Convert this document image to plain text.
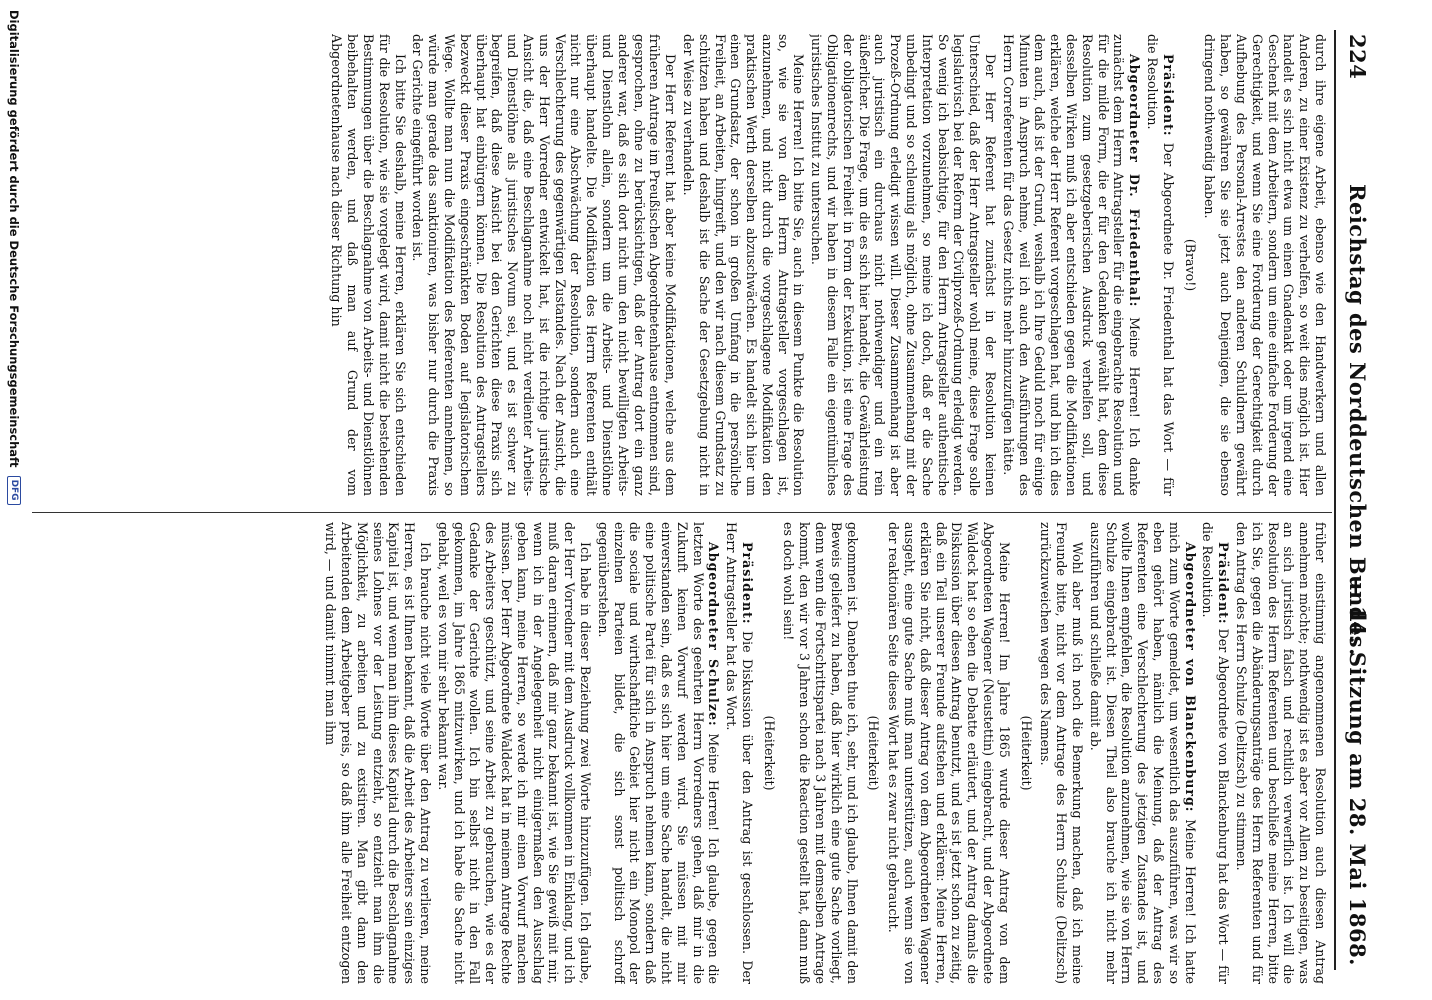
224
Reichstag des Norddeutschen Bundes.
— 14. Sitzung am 28. Mai 1868.

durch ihre eigene Arbeit, ebenso wie den Handwerkern und allen Anderen, zu einer Existenz zu verhelfen, so weit dies möglich ist. Hier handelt es sich nicht etwa um einen Gnadenakt oder um irgend eine Geschenk mit dem Arbeitern, sondern um eine einfache Forderung der Gerechtigkeit, und wenn Sie eine Forderung der Gerechtigkeit durch Aufhebung des Personal-Arrestes den anderen Schuldnern gewährt haben, so gewähren Sie sie jetzt auch Denjenigen, die sie ebenso dringend nothwendig haben.

(Bravo!)

Präsident: Der Abgeordnete Dr. Friedenthal hat das Wort — für die Resolution.

Abgeordneter Dr. Friedenthal: Meine Herren! Ich danke zunächst dem Herrn Antragsteller für die eingebrachte Resolution und für die milde Form, die er für den Gedanken gewählt hat, dem diese Resolution zum gesetzgeberischen Ausdruck verhelfen soll, und desselben Wirken muß ich aber entschieden gegen die Modifikationen erklären, welche der Herr Referent vorgeschlagen hat, und bin ich dies dem auch, daß ist der Grund, weshalb ich Ihre Geduld noch für einige Minuten in Anspruch nehme, weil ich auch den Ausführungen des Herrn Correferenten für das Gesetz nichts mehr hinzuzufügen hätte.

Der Herr Referent hat zunächst in der Resolution keinen Unterschied, daß der Herr Antragsteller wohl meine, diese Frage solle legislativisch bei der Reform der Civilprozeß-Ordnung erledigt werden. So wenig ich beabsichtige, für den Herrn Antragsteller authentische Interpretation vorzunehmen, so meine ich doch, daß er die Sache unbedingt und so schleunig als möglich, ohne Zusammenhang mit der Prozeß-Ordnung erledigt wissen will. Dieser Zusammenhang ist aber auch juristisch ein durchaus nicht nothwendiger und ein rein äußerlicher. Die Frage, um die es sich hier handelt, die Gewährleistung der obligatorischen Freiheit in Form der Exekution, ist eine Frage des Obligationenrechts, und wir haben in diesem Falle ein eigentümliches juristisches Institut zu untersuchen.

Meine Herren! Ich bitte Sie, auch in diesem Punkte die Resolution so, wie sie von dem Herrn Antragsteller vorgeschlagen ist, anzunehmen, und nicht durch die vorgeschlagene Modifikation den praktischen Werth derselben abzuschwächen. Es handelt sich hier um einen Grundsatz, der schon in großen Umfang in die persönliche Freiheit, an Arbeiten, hingreift, und den wir nach diesem Grundsatz zu schützen haben und deshalb ist die Sache der Gesetzgebung nicht in der Weise zu verhandeln.

Der Herr Referent hat aber keine Modifikationen, welche aus dem früheren Antrage im Preußischen Abgeordnetenhause entnommen sind, gesprochen, ohne zu berücksichtigen, daß der Antrag dort ein ganz anderer war, daß es sich dort nicht um den nicht bewilligten Arbeits- und Dienstlohn allein, sondern um die Arbeits- und Dienstlöhne überhaupt handelte. Die Modifikation des Herrn Referenten enthält nicht nur eine Abschwächung der Resolution, sondern auch eine Verschlechterung des gegenwärtigen Zustandes. Nach der Ansicht, die uns der Herr Vorredner entwickelt hat, ist die richtige juristische Ansicht die, daß eine Beschlagnahme noch nicht verdienter Arbeits- und Dienstlöhne als juristisches Novum sei, und es ist schwer zu begreifen, daß diese Ansicht bei den Gerichten diese Praxis sich überhaupt hat einbürgern können. Die Resolution des Antragstellers bezweckt dieser Praxis eingeschränkten Boden auf legislatorischem Wege. Wollte man nun die Modifikation des Referenten annehmen, so würde man gerade das sanktioniren, was bisher nur durch die Praxis der Gerichte eingeführt worden ist.

Ich bitte Sie deshalb, meine Herren, erklären Sie sich entschieden für die Resolution, wie sie vorgelegt wird, damit nicht die bestehenden Bestimmungen über die Beschlagnahme von Arbeits- und Dienstlöhnen beibehalten werden, und daß man auf Grund der vom Abgeordnetenhause nach dieser Richtung hin

früher einstimmig angenommenen Resolution auch diesen Antrag annehmen möchte; nothwendig ist es aber vor Allem zu beseitigen, was an sich juristisch falsch und rechtlich verwerflich ist. Ich will die Resolution des Herrn Referenten und beschließe meine Herren, bitte ich Sie, gegen die Abänderungsanträge des Herrn Referenten und für den Antrag des Herrn Schulze (Delitzsch) zu stimmen.

Präsident: Der Abgeordnete von Blanckenburg hat das Wort — für die Resolution.

Abgeordneter von Blanckenburg: Meine Herren! Ich hatte mich zum Worte gemeldet, um wesentlich das auszuführen, was wir so eben gehört haben, nämlich die Meinung, daß der Antrag des Referenten eine Verschlechterung des jetzigen Zustandes ist, und wollte Ihnen empfehlen, die Resolution anzunehmen, wie sie von Herrn Schulze eingebracht ist. Diesen Theil also brauche ich nicht mehr auszuführen und schließe damit ab.

Wohl aber muß ich noch die Bemerkung machen, daß ich meine Freunde bitte, nicht vor dem Antrage des Herrn Schulze (Delitzsch) zurückzuweichen wegen des Namens.

(Heiterkeit)

Meine Herren! Im Jahre 1865 wurde dieser Antrag von dem Abgeordneten Wagener (Neustettin) eingebracht, und der Abgeordnete Waldeck hat so eben die Debatte erläutert, und der Antrag damals die Diskussion über diesen Antrag benutzt, und es ist jetzt schon zu zeitig, daß ein Teil unserer Freunde aufstehen und erklären: Meine Herren, erklären Sie nicht, daß dieser Antrag von dem Abgeordneten Wagener ausgeht, eine gute Sache muß man unterstützen, auch wenn sie von der reaktionären Seite dieses Wort hat es zwar nicht gebraucht.

(Heiterkeit)

gekommen ist. Daneben thue ich, sehr, und ich glaube, Ihnen damit den Beweis geliefert zu haben, daß hier wirklich eine gute Sache vorliegt, denn wenn die Fortschrittspartei nach 3 Jahren mit demselben Antrage kommt, den wir vor 3 Jahren schon die Reaction gestellt hat, dann muß es doch wohl sein!

(Heiterkeit)

Präsident: Die Diskussion über den Antrag ist geschlossen. Der Herr Antragsteller hat das Wort.

Abgeordneter Schulze: Meine Herren! Ich glaube, gegen die letzten Worte des geehrten Herrn Vorredners gehen, daß mir in die Zukunft keinen Vorwurf werden wird. Sie müssen mit mir einverstanden sein, daß es sich hier um eine Sache handelt, die nicht eine politische Partei für sich in Anspruch nehmen kann, sondern daß die sociale und wirthschaftliche Gebiet hier nicht ein Monopol der einzelnen Parteien bildet, die sich sonst politisch schroff gegenüberstehen.

Ich habe in dieser Beziehung zwei Worte hinzuzufügen. Ich glaube, der Herr Vorredner mit dem Ausdruck vollkommen in Einklang, und ich muß daran erinnern, daß mir ganz bekannt ist, wie Sie gewiß mit mir, wenn ich in der Angelegenheit nicht einigermaßen den Ausschlag geben kann, meine Herren, so werde ich mir einen Vorwurf machen müssen. Der Herr Abgeordnete Waldeck hat in meinem Antrage Rechte des Arbeiters geschützt, und seine Arbeit zu gebrauchen, wie es der Gedanke der Gerichte wollen. Ich bin selbst nicht in den Fall gekommen, im Jahre 1865 mitzuwirken, und ich habe die Sache nicht gehabt, weil es von mir sehr bekannt war.

Ich brauche nicht viele Worte über den Antrag zu verlieren, meine Herren, es ist Ihnen bekannt, daß die Arbeit des Arbeiters sein einziges Kapital ist, und wenn man ihm dieses Kapital durch die Beschlagnahme seines Lohnes vor der Leistung entzieht, so entzieht man ihm die Möglichkeit, zu arbeiten und zu existiren. Man gibt dann den Arbeitenden dem Arbeitgeber preis, so daß ihm alle Freiheit entzogen wird, — und damit nimmt man ihm

Digitalisierung gefördert durch die Deutsche Forschungsgemeinschaft
DFG
